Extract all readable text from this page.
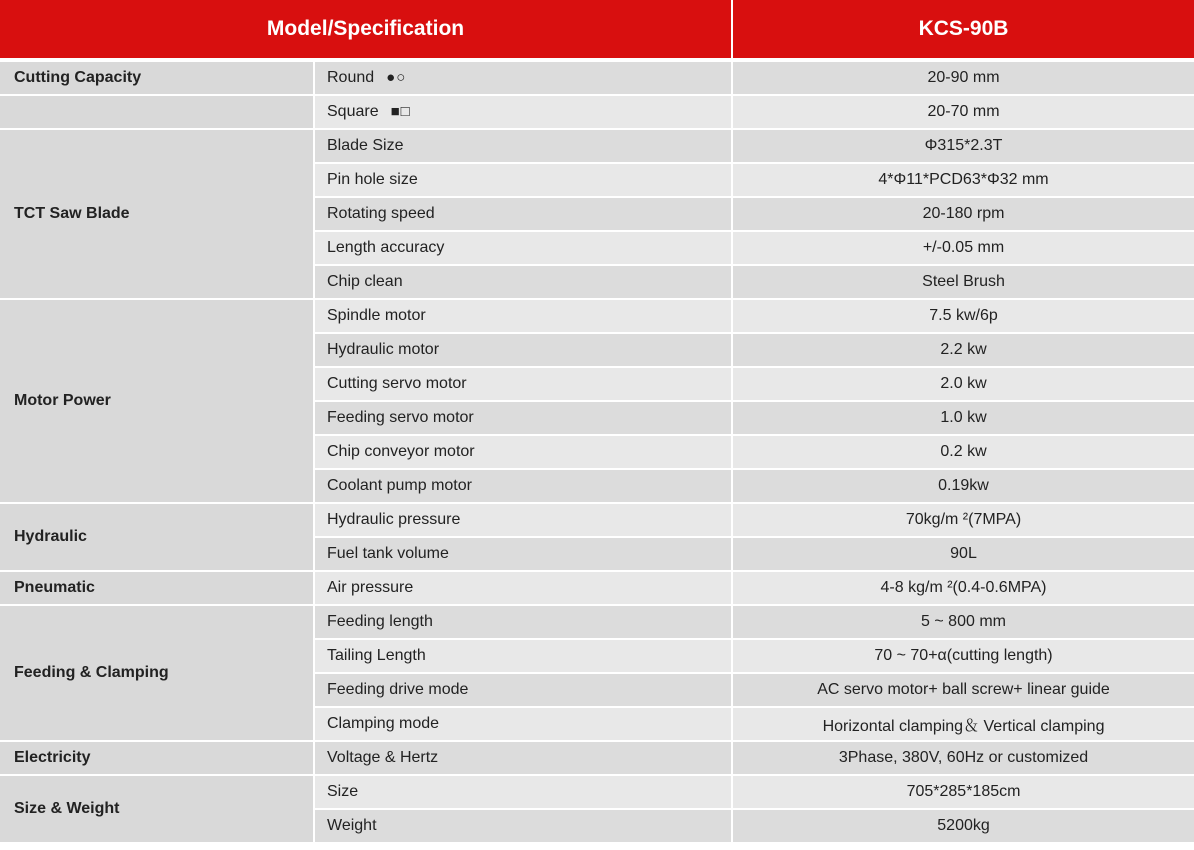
Model/Specification		KCS-90B
Cutting Capacity	Round ●○	20-90 mm
	Square ■□	20-70 mm
TCT Saw Blade	Blade Size	Φ315*2.3T
	Pin hole size	4*Φ11*PCD63*Φ32 mm
	Rotating speed	20-180 rpm
	Length accuracy	+/-0.05 mm
	Chip clean	Steel Brush
Motor Power	Spindle motor	7.5 kw/6p
	Hydraulic motor	2.2 kw
	Cutting servo motor	2.0 kw
	Feeding servo motor	1.0 kw
	Chip conveyor motor	0.2 kw
	Coolant pump motor	0.19kw
Hydraulic	Hydraulic pressure	70kg/m ²(7MPA)
	Fuel tank volume	90L
Pneumatic	Air pressure	4-8 kg/m ²(0.4-0.6MPA)
Feeding & Clamping	Feeding length	5 ~ 800 mm
	Tailing Length	70 ~ 70+α(cutting length)
	Feeding drive mode	AC servo motor+ ball screw+ linear guide
	Clamping mode	Horizontal clamping＆ Vertical clamping
Electricity	Voltage & Hertz	3Phase, 380V, 60Hz or customized
Size & Weight	Size	705*285*185cm
	Weight	5200kg
